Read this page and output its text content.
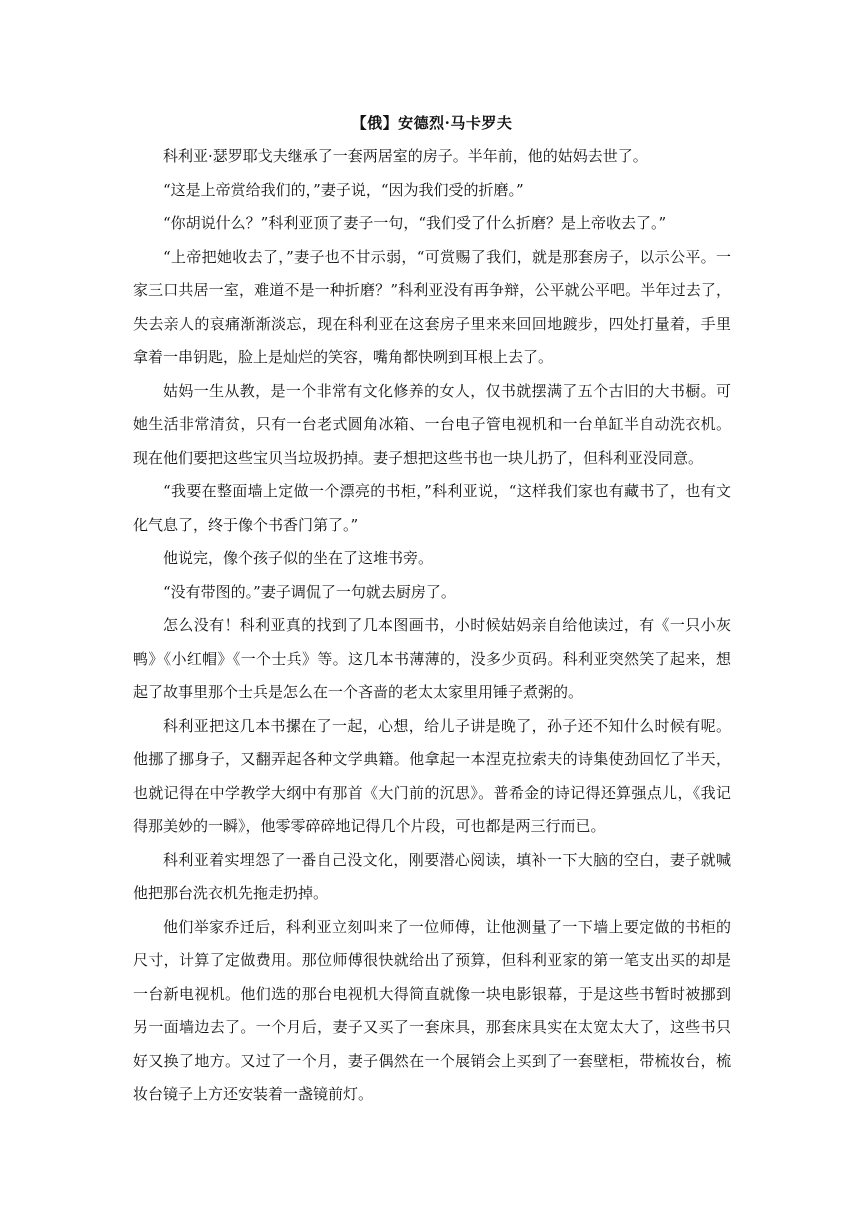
【俄】安德烈·马卡罗夫

科利亚·瑟罗耶戈夫继承了一套两居室的房子。半年前，他的姑妈去世了。

“这是上帝赏给我们的，”妻子说，“因为我们受的折磨。”

“你胡说什么？”科利亚顶了妻子一句，“我们受了什么折磨？是上帝收去了。”

“上帝把她收去了，”妻子也不甘示弱，“可赏赐了我们，就是那套房子，以示公平。一家三口共居一室，难道不是一种折磨？”科利亚没有再争辩，公平就公平吧。半年过去了，失去亲人的哀痛渐渐淡忘，现在科利亚在这套房子里来来回回地踱步，四处打量着，手里拿着一串钥匙，脸上是灿烂的笑容，嘴角都快咧到耳根上去了。

姑妈一生从教，是一个非常有文化修养的女人，仅书就摆满了五个古旧的大书橱。可她生活非常清贫，只有一台老式圆角冰箱、一台电子管电视机和一台单缸半自动洗衣机。现在他们要把这些宝贝当垃圾扔掉。妻子想把这些书也一块儿扔了，但科利亚没同意。

“我要在整面墙上定做一个漂亮的书柜，”科利亚说，“这样我们家也有藏书了，也有文化气息了，终于像个书香门第了。”

他说完，像个孩子似的坐在了这堆书旁。

“没有带图的。”妻子调侃了一句就去厨房了。

怎么没有！科利亚真的找到了几本图画书，小时候姑妈亲自给他读过，有《一只小灰鸭》《小红帽》《一个士兵》等。这几本书薄薄的，没多少页码。科利亚突然笑了起来，想起了故事里那个士兵是怎么在一个吝啬的老太太家里用锤子煮粥的。

科利亚把这几本书摞在了一起，心想，给儿子讲是晚了，孙子还不知什么时候有呢。他挪了挪身子，又翻弄起各种文学典籍。他拿起一本涅克拉索夫的诗集使劲回忆了半天，也就记得在中学教学大纲中有那首《大门前的沉思》。普希金的诗记得还算强点儿，《我记得那美妙的一瞬》，他零零碎碎地记得几个片段，可也都是两三行而已。

科利亚着实埋怨了一番自己没文化，刚要潜心阅读，填补一下大脑的空白，妻子就喊他把那台洗衣机先拖走扔掉。

他们举家乔迁后，科利亚立刻叫来了一位师傅，让他测量了一下墙上要定做的书柜的尺寸，计算了定做费用。那位师傅很快就给出了预算，但科利亚家的第一笔支出买的却是一台新电视机。他们选的那台电视机大得简直就像一块电影银幕，于是这些书暂时被挪到另一面墙边去了。一个月后，妻子又买了一套床具，那套床具实在太宽太大了，这些书只好又换了地方。又过了一个月，妻子偶然在一个展销会上买到了一套壁柜，带梳妆台，梳妆台镜子上方还安装着一盏镜前灯。
